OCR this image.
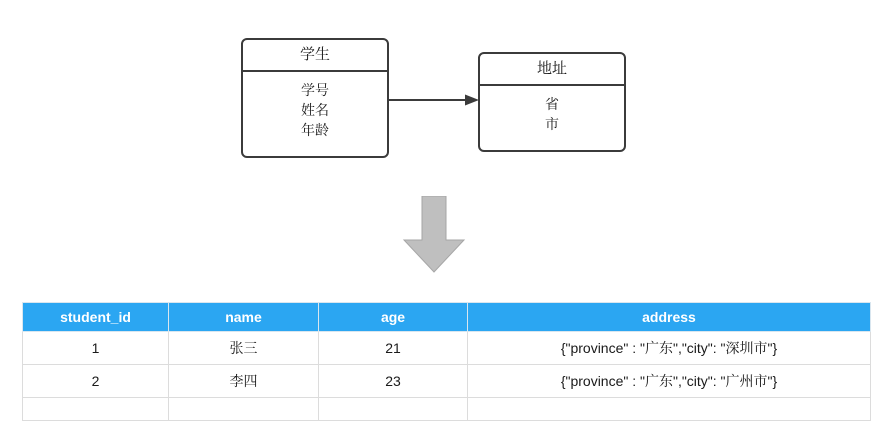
学生
学号
姓名
年龄
地址
省
市
student_id	name	age	address
1	张三	21	{"province" : "广东","city": "深圳市"}
2	李四	23	{"province" : "广东","city": "广州市"}
